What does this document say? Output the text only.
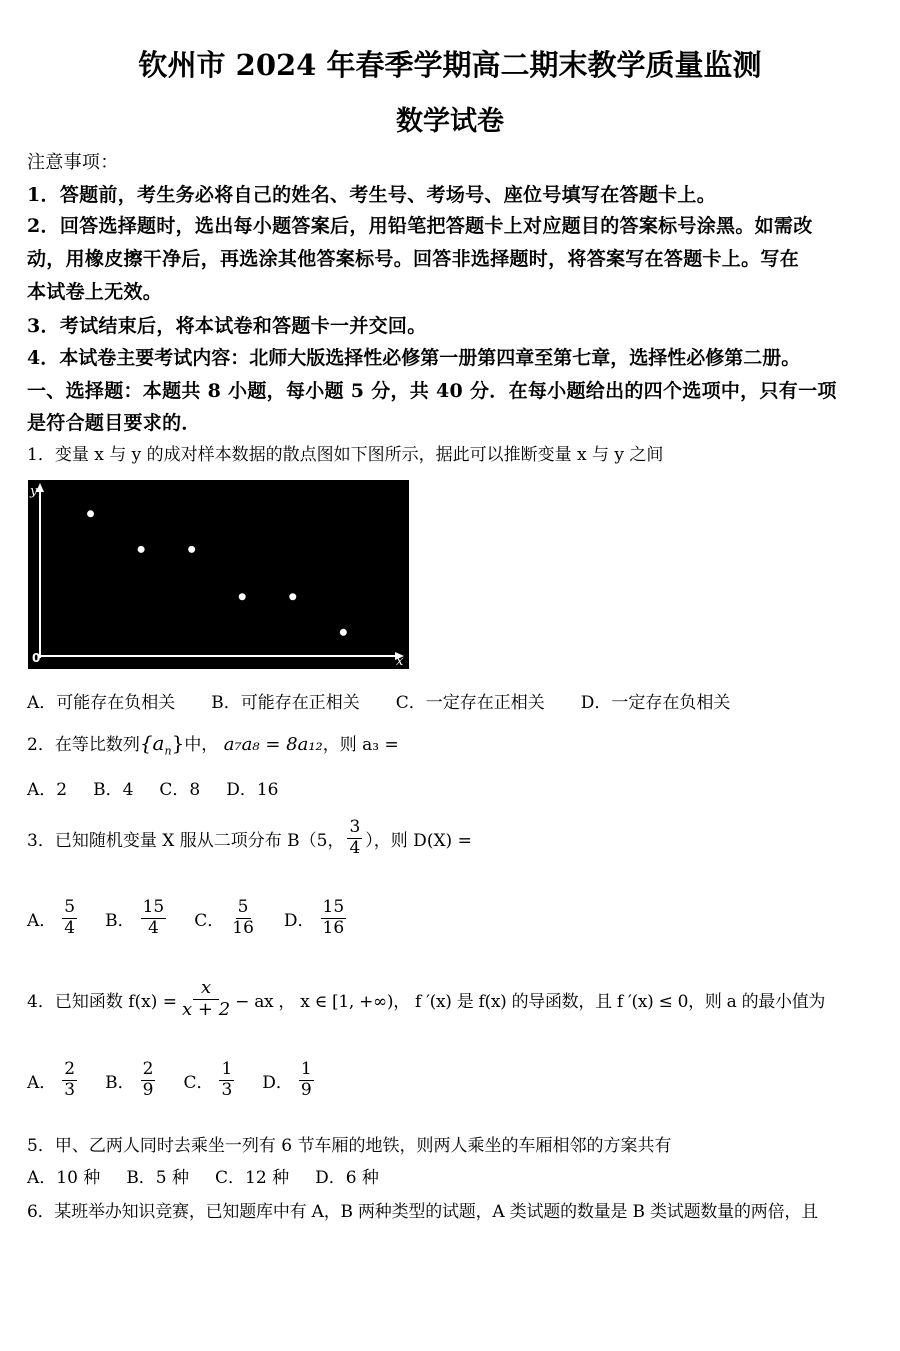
钦州市 2024 年春季学期高二期末教学质量监测
数学试卷
注意事项：
1．答题前，考生务必将自己的姓名、考生号、考场号、座位号填写在答题卡上。
2．回答选择题时，选出每小题答案后，用铅笔把答题卡上对应题目的答案标号涂黑。如需改
动，用橡皮擦干净后，再选涂其他答案标号。回答非选择题时，将答案写在答题卡上。写在
本试卷上无效。
3．考试结束后，将本试卷和答题卡一并交回。
4．本试卷主要考试内容：北师大版选择性必修第一册第四章至第七章，选择性必修第二册。
一、选择题：本题共 8 小题，每小题 5 分，共 40 分．在每小题给出的四个选项中，只有一项
是符合题目要求的．
1．变量 x 与 y 的成对样本数据的散点图如下图所示，据此可以推断变量 x 与 y 之间
y
x
0
A．可能存在负相关 B．可能存在正相关 C．一定存在正相关 D．一定存在负相关
2．在等比数列$\{a_n\}$中， a₇a₈ = 8a₁₂，则 a₃ =
A．2 B．4 C．8 D．16
3．已知随机变量 X 服从二项分布 B（5， $\frac{3}{4}$ ），则 D(X) =
A． $\frac{5}{4}$ B． $\frac{15}{4}$ C． $\frac{5}{16}$ D． $\frac{15}{16}$
4．已知函数 $f(x) = \frac{x}{x + 2}$ − ax ， x ∈ [1, +∞)， f ′(x) 是 f(x) 的导函数，且 f ′(x) ≤ 0，则 a 的最小值为
A． $\frac{2}{3}$ B． $\frac{2}{9}$ C． $\frac{1}{3}$ D． $\frac{1}{9}$
5．甲、乙两人同时去乘坐一列有 6 节车厢的地铁，则两人乘坐的车厢相邻的方案共有
A．10 种 B．5 种 C．12 种 D．6 种
6．某班举办知识竞赛，已知题库中有 A，B 两种类型的试题，A 类试题的数量是 B 类试题数量的两倍，且
